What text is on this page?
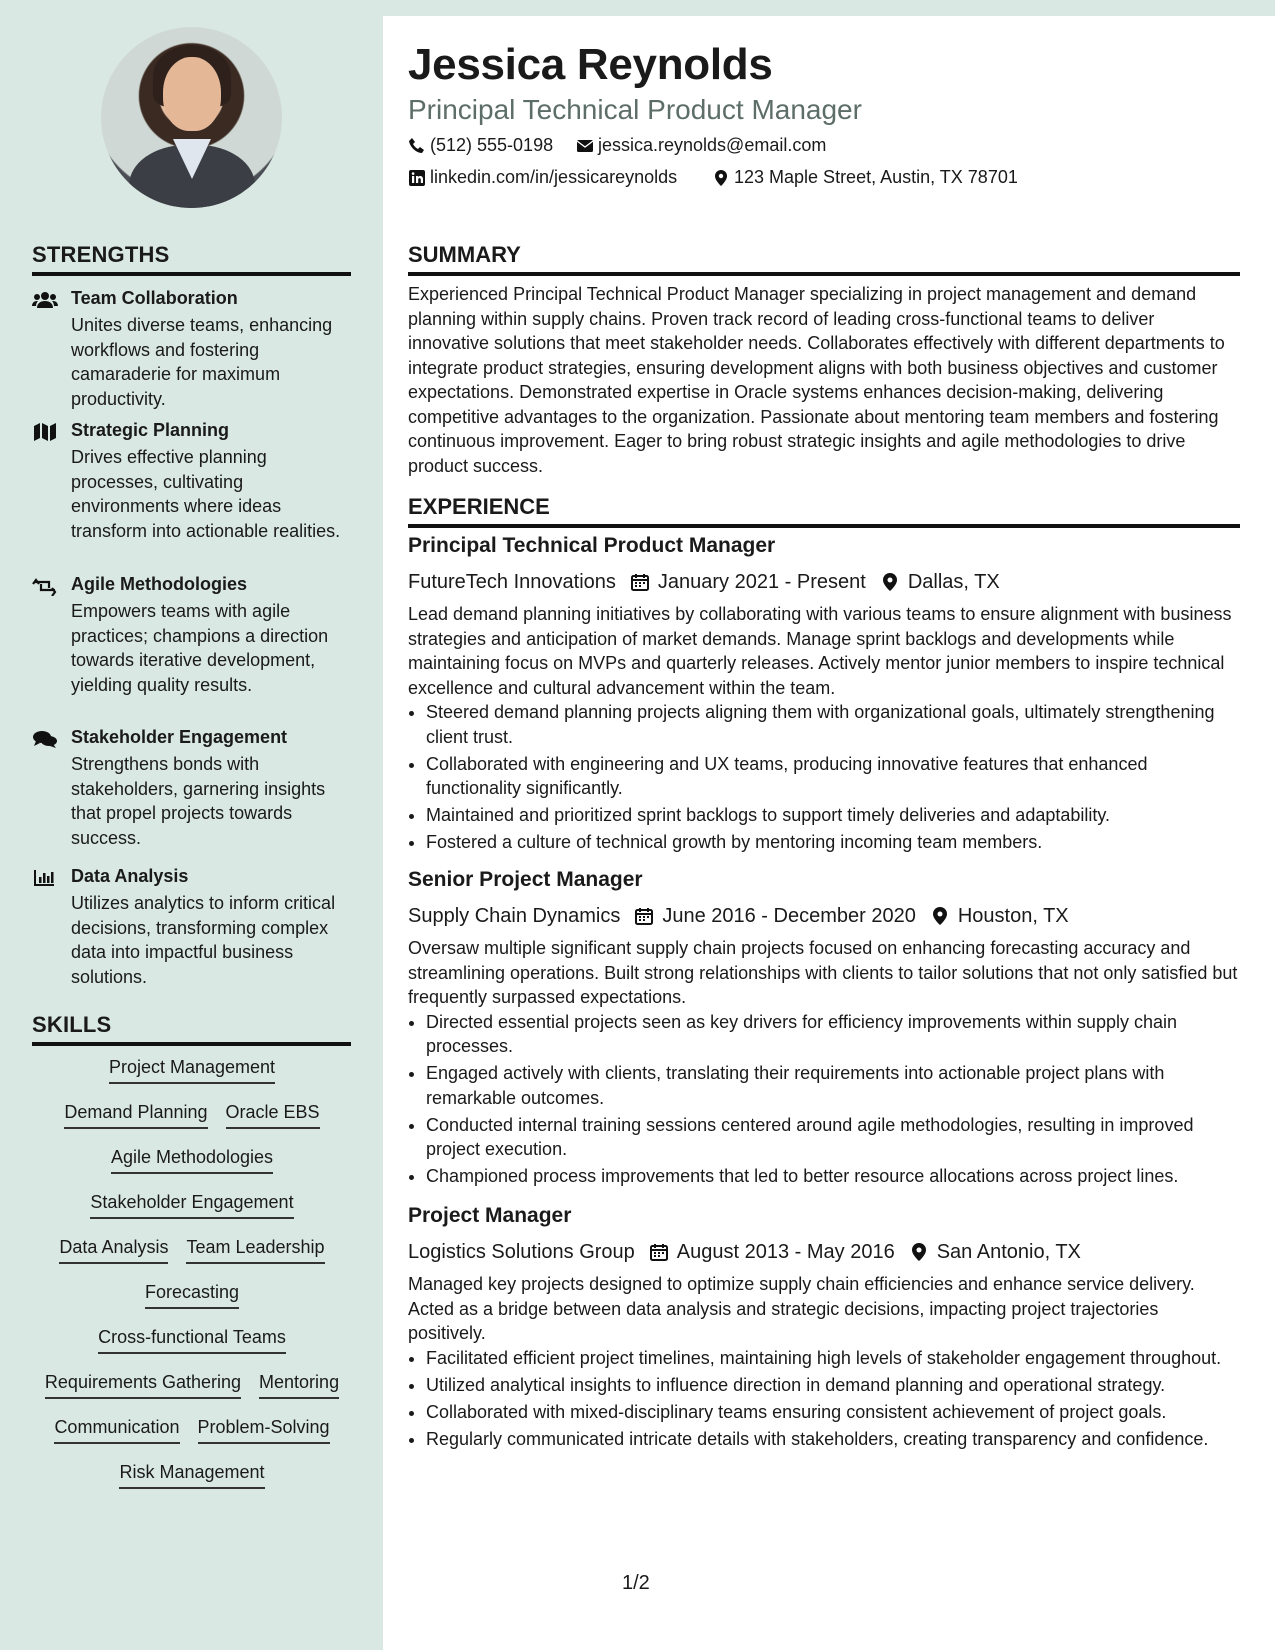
STRENGTHS
Team Collaboration
Unites diverse teams, enhancing workflows and fostering camaraderie for maximum productivity.
Strategic Planning
Drives effective planning processes, cultivating environments where ideas transform into actionable realities.
Agile Methodologies
Empowers teams with agile practices; champions a direction towards iterative development, yielding quality results.
Stakeholder Engagement
Strengthens bonds with stakeholders, garnering insights that propel projects towards success.
Data Analysis
Utilizes analytics to inform critical decisions, transforming complex data into impactful business solutions.
SKILLS
Project Management
Demand Planning Oracle EBS
Agile Methodologies
Stakeholder Engagement
Data Analysis Team Leadership
Forecasting
Cross-functional Teams
Requirements Gathering Mentoring
Communication Problem-Solving
Risk Management
Jessica Reynolds
Principal Technical Product Manager
(512) 555-0198 jessica.reynolds@email.com
linkedin.com/in/jessicareynolds	123 Maple Street, Austin, TX 78701
SUMMARY
Experienced Principal Technical Product Manager specializing in project management and demand planning within supply chains. Proven track record of leading cross-functional teams to deliver innovative solutions that meet stakeholder needs. Collaborates effectively with different departments to integrate product strategies, ensuring development aligns with both business objectives and customer expectations. Demonstrated expertise in Oracle systems enhances decision-making, delivering competitive advantages to the organization. Passionate about mentoring team members and fostering continuous improvement. Eager to bring robust strategic insights and agile methodologies to drive product success.
EXPERIENCE
Principal Technical Product Manager
FutureTech Innovations January 2021 - Present Dallas, TX
Lead demand planning initiatives by collaborating with various teams to ensure alignment with business strategies and anticipation of market demands. Manage sprint backlogs and developments while maintaining focus on MVPs and quarterly releases. Actively mentor junior members to inspire technical excellence and cultural advancement within the team.
• Steered demand planning projects aligning them with organizational goals, ultimately strengthening client trust.
• Collaborated with engineering and UX teams, producing innovative features that enhanced functionality significantly.
• Maintained and prioritized sprint backlogs to support timely deliveries and adaptability.
• Fostered a culture of technical growth by mentoring incoming team members.
Senior Project Manager
Supply Chain Dynamics June 2016 - December 2020 Houston, TX
Oversaw multiple significant supply chain projects focused on enhancing forecasting accuracy and streamlining operations. Built strong relationships with clients to tailor solutions that not only satisfied but frequently surpassed expectations.
• Directed essential projects seen as key drivers for efficiency improvements within supply chain processes.
• Engaged actively with clients, translating their requirements into actionable project plans with remarkable outcomes.
• Conducted internal training sessions centered around agile methodologies, resulting in improved project execution.
• Championed process improvements that led to better resource allocations across project lines.
Project Manager
Logistics Solutions Group August 2013 - May 2016 San Antonio, TX
Managed key projects designed to optimize supply chain efficiencies and enhance service delivery. Acted as a bridge between data analysis and strategic decisions, impacting project trajectories positively.
• Facilitated efficient project timelines, maintaining high levels of stakeholder engagement throughout.
• Utilized analytical insights to influence direction in demand planning and operational strategy.
• Collaborated with mixed-disciplinary teams ensuring consistent achievement of project goals.
• Regularly communicated intricate details with stakeholders, creating transparency and confidence.
1/2
